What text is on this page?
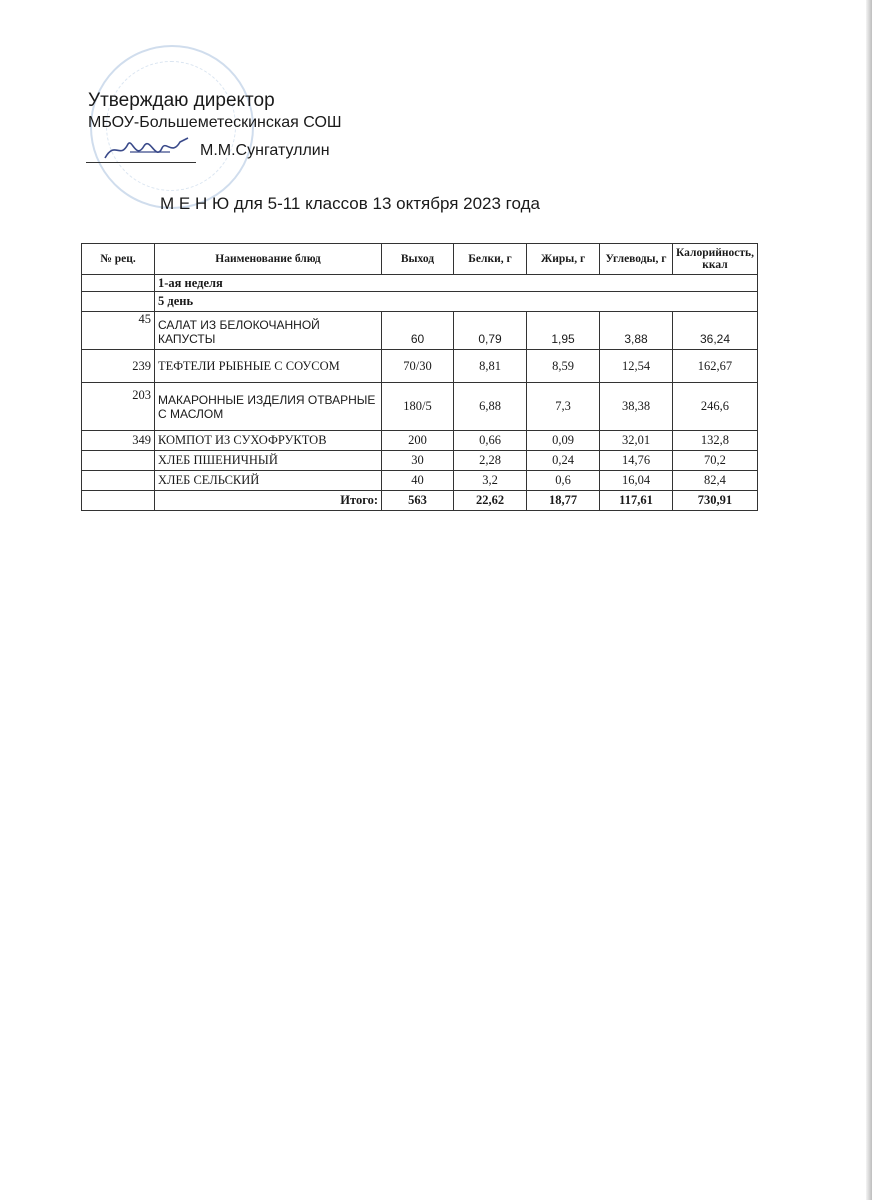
Утверждаю директор
МБОУ-Большеметескинская СОШ
М.М.Сунгатуллин
М Е Н Ю для 5-11 классов 13 октября 2023 года
№ рец.	Наименование блюд	Выход	Белки, г	Жиры, г	Углеводы, г	Калорийность, ккал
	1-ая неделя					
	5 день					
45	САЛАТ ИЗ БЕЛОКОЧАННОЙ КАПУСТЫ	60	0,79	1,95	3,88	36,24
239	ТЕФТЕЛИ РЫБНЫЕ С СОУСОМ	70/30	8,81	8,59	12,54	162,67
203	МАКАРОННЫЕ ИЗДЕЛИЯ ОТВАРНЫЕ С МАСЛОМ	180/5	6,88	7,3	38,38	246,6
349	КОМПОТ ИЗ СУХОФРУКТОВ	200	0,66	0,09	32,01	132,8
	ХЛЕБ ПШЕНИЧНЫЙ	30	2,28	0,24	14,76	70,2
	ХЛЕБ СЕЛЬСКИЙ	40	3,2	0,6	16,04	82,4
	Итого:	563	22,62	18,77	117,61	730,91
